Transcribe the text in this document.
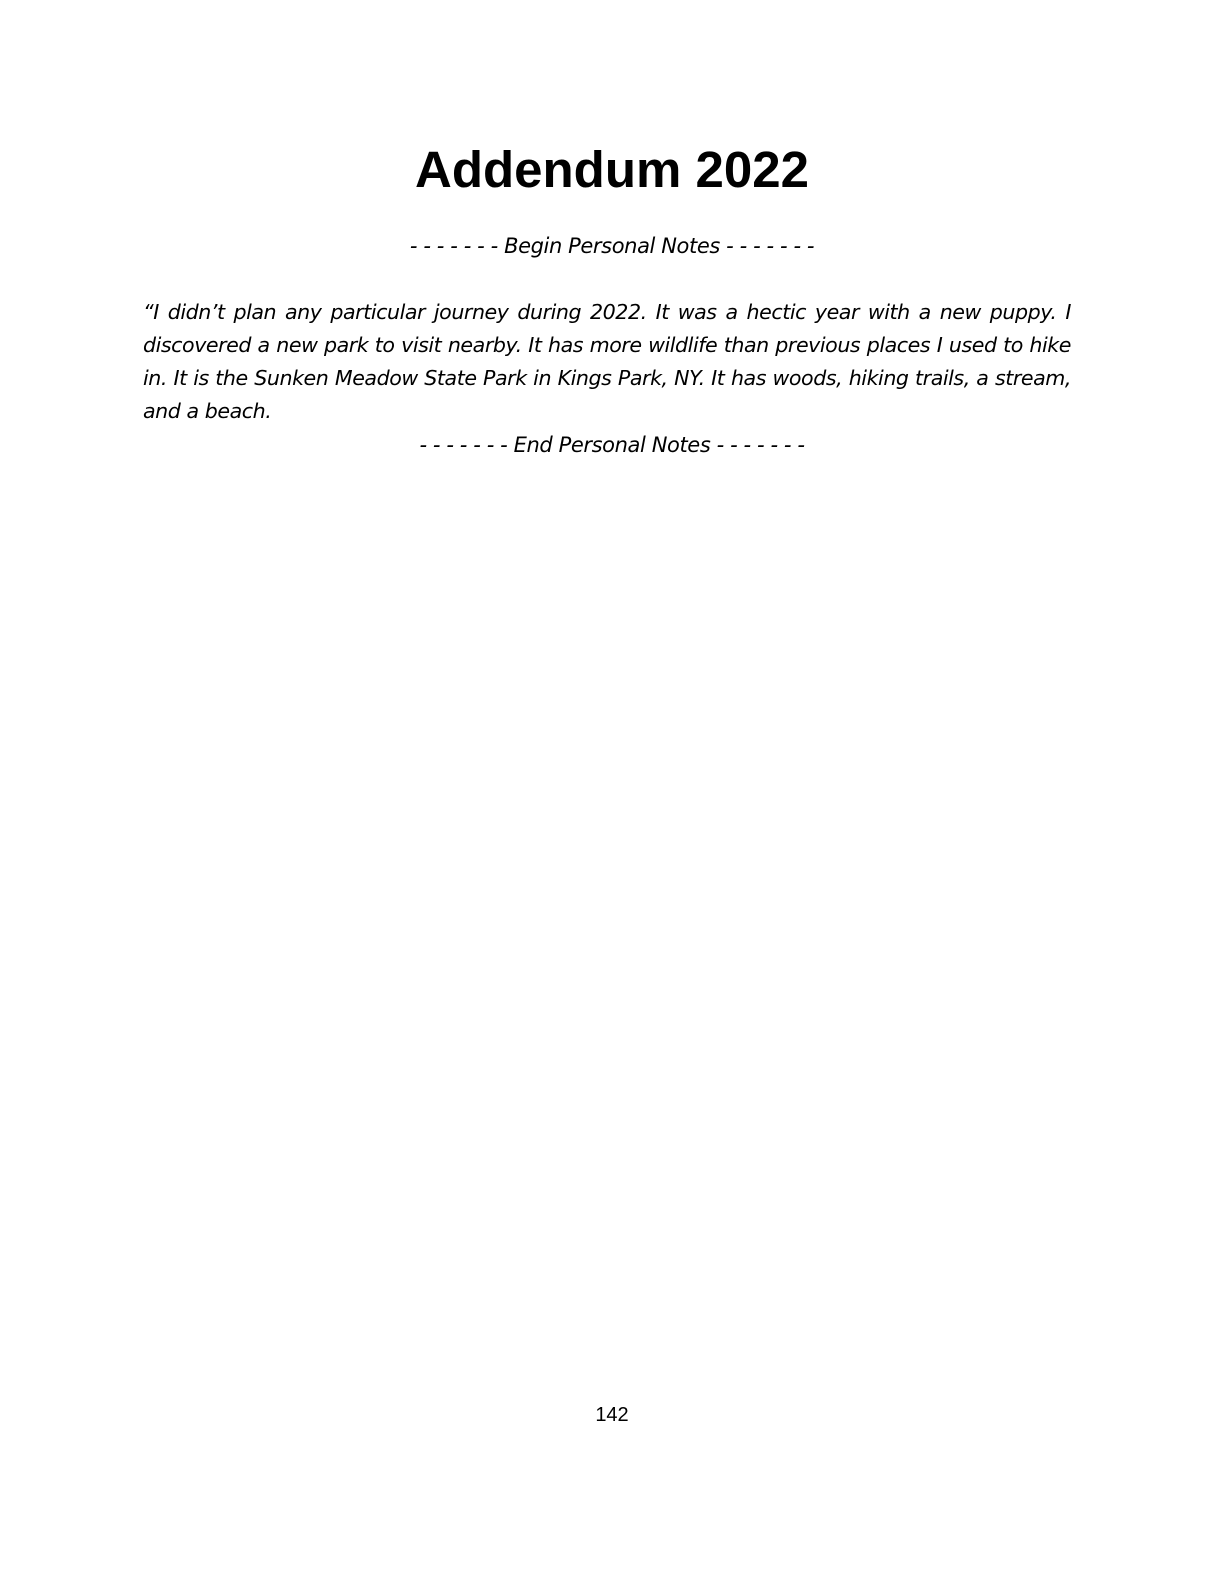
Addendum 2022
- - - - - - - Begin Personal Notes - - - - - - -

“I didn’t plan any particular journey during 2022. It was a hectic year with a new puppy. I discovered a new park to visit nearby. It has more wildlife than previous places I used to hike in. It is the Sunken Meadow State Park in Kings Park, NY. It has woods, hiking trails, a stream, and a beach.

- - - - - - - End Personal Notes - - - - - - -
142
